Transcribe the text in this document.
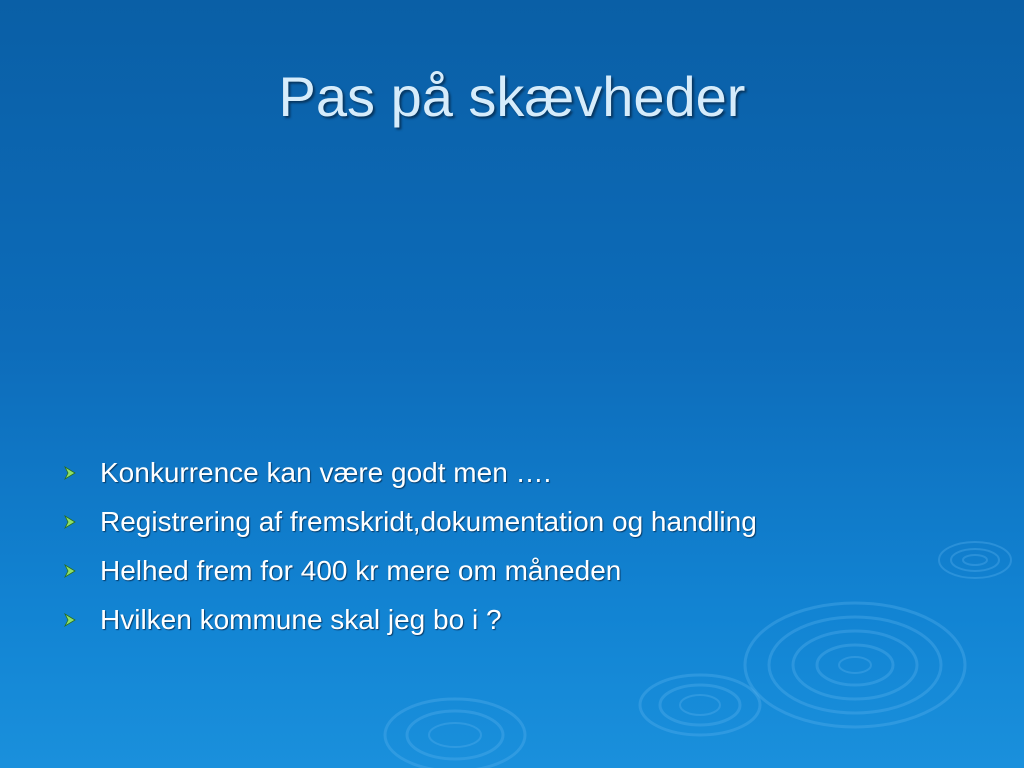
Pas på skævheder
Konkurrence kan være godt men ….
Registrering af fremskridt,dokumentation og handling
Helhed frem for 400 kr mere om måneden
Hvilken kommune skal jeg bo i ?
